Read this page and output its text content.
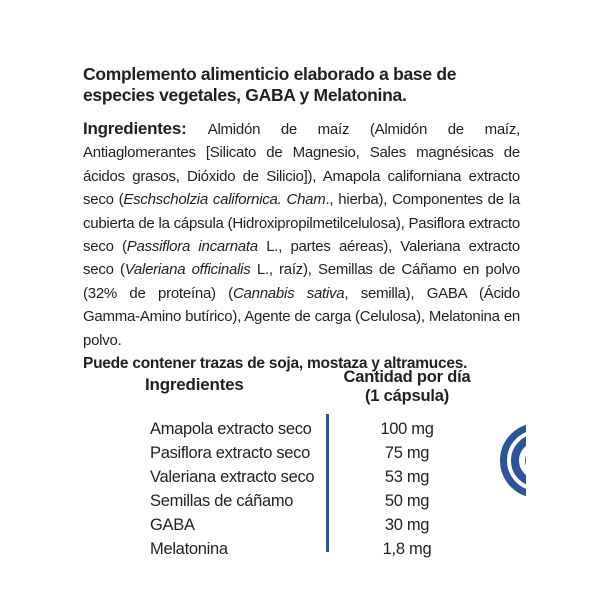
Complemento alimenticio elaborado a base de especies vegetales, GABA y Melatonina.

Ingredientes: Almidón de maíz (Almidón de maíz, Antiaglomerantes [Silicato de Magnesio, Sales magnésicas de ácidos grasos, Dióxido de Silicio]), Amapola californiana extracto seco (Eschscholzia californica. Cham., hierba), Componentes de la cubierta de la cápsula (Hidroxipropilmetilcelulosa), Pasiflora extracto seco (Passiflora incarnata L., partes aéreas), Valeriana extracto seco (Valeriana officinalis L., raíz), Semillas de Cáñamo en polvo (32% de proteína) (Cannabis sativa, semilla), GABA (Ácido Gamma-Amino butírico), Agente de carga (Celulosa), Melatonina en polvo.

Puede contener trazas de soja, mostaza y altramuces.

Ingredientes	Cantidad por día
(1 cápsula)
Amapola extracto seco	100 mg
Pasiflora extracto seco	75 mg
Valeriana extracto seco	53 mg
Semillas de cáñamo	50 mg
GABA	30 mg
Melatonina	1,8 mg
